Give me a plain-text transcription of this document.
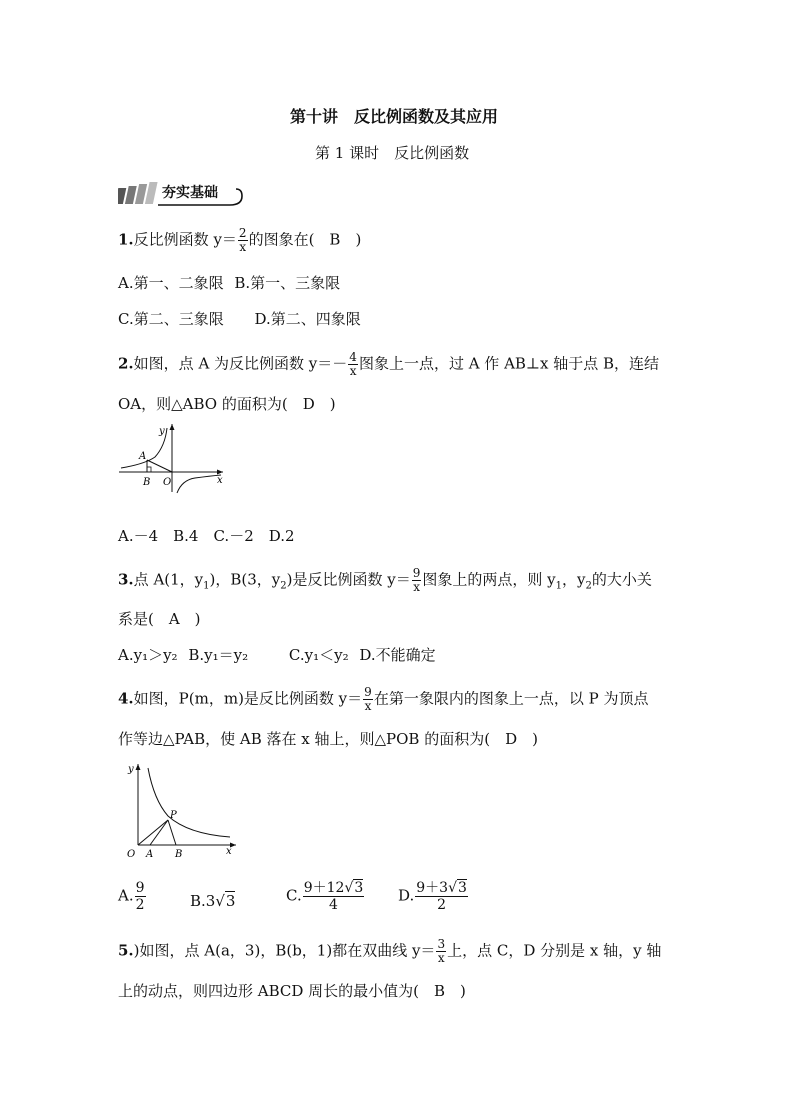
第十讲　反比例函数及其应用
第 1 课时　反比例函数
夯实基础
1.反比例函数 $y= \frac{2}{x}$ 的图象在(　B　)
A.第一、二象限 B.第一、三象限
C.第二、三象限 D.第二、四象限
2.如图，点 A 为反比例函数 $y=- \frac{4}{x}$ 图象上一点，过 A 作 AB⊥x 轴于点 B，连结
OA，则△ABO 的面积为(　D　)
y
x
A
B O
A.－4　B.4　C.－2　D.2
3.点 A(1，$y_1$)，B(3，$y_2$)是反比例函数 $y= \frac{9}{x}$ 图象上的两点，则 $y_1$，$y_2$的大小关
系是(　A　)
A.y₁＞y₂ B.y₁＝y₂	C.y₁＜y₂ D.不能确定
4.如图，P(m，m)是反比例函数 $y= \frac{9}{x}$ 在第一象限内的图象上一点，以 P 为顶点
作等边△PAB，使 AB 落在 x 轴上，则△POB 的面积为(　D　)
y
x
P
O A B
A. $\frac{9}{2}$	B.3√3	C. $\frac{9+12√3}{4} D$. $\frac{9+3√3}{2}$
5.)如图，点 A(a，3)，B(b，1)都在双曲线 $y= \frac{3}{x}$ 上，点 C，D 分别是 x 轴，y 轴
上的动点，则四边形 ABCD 周长的最小值为(　B　)
